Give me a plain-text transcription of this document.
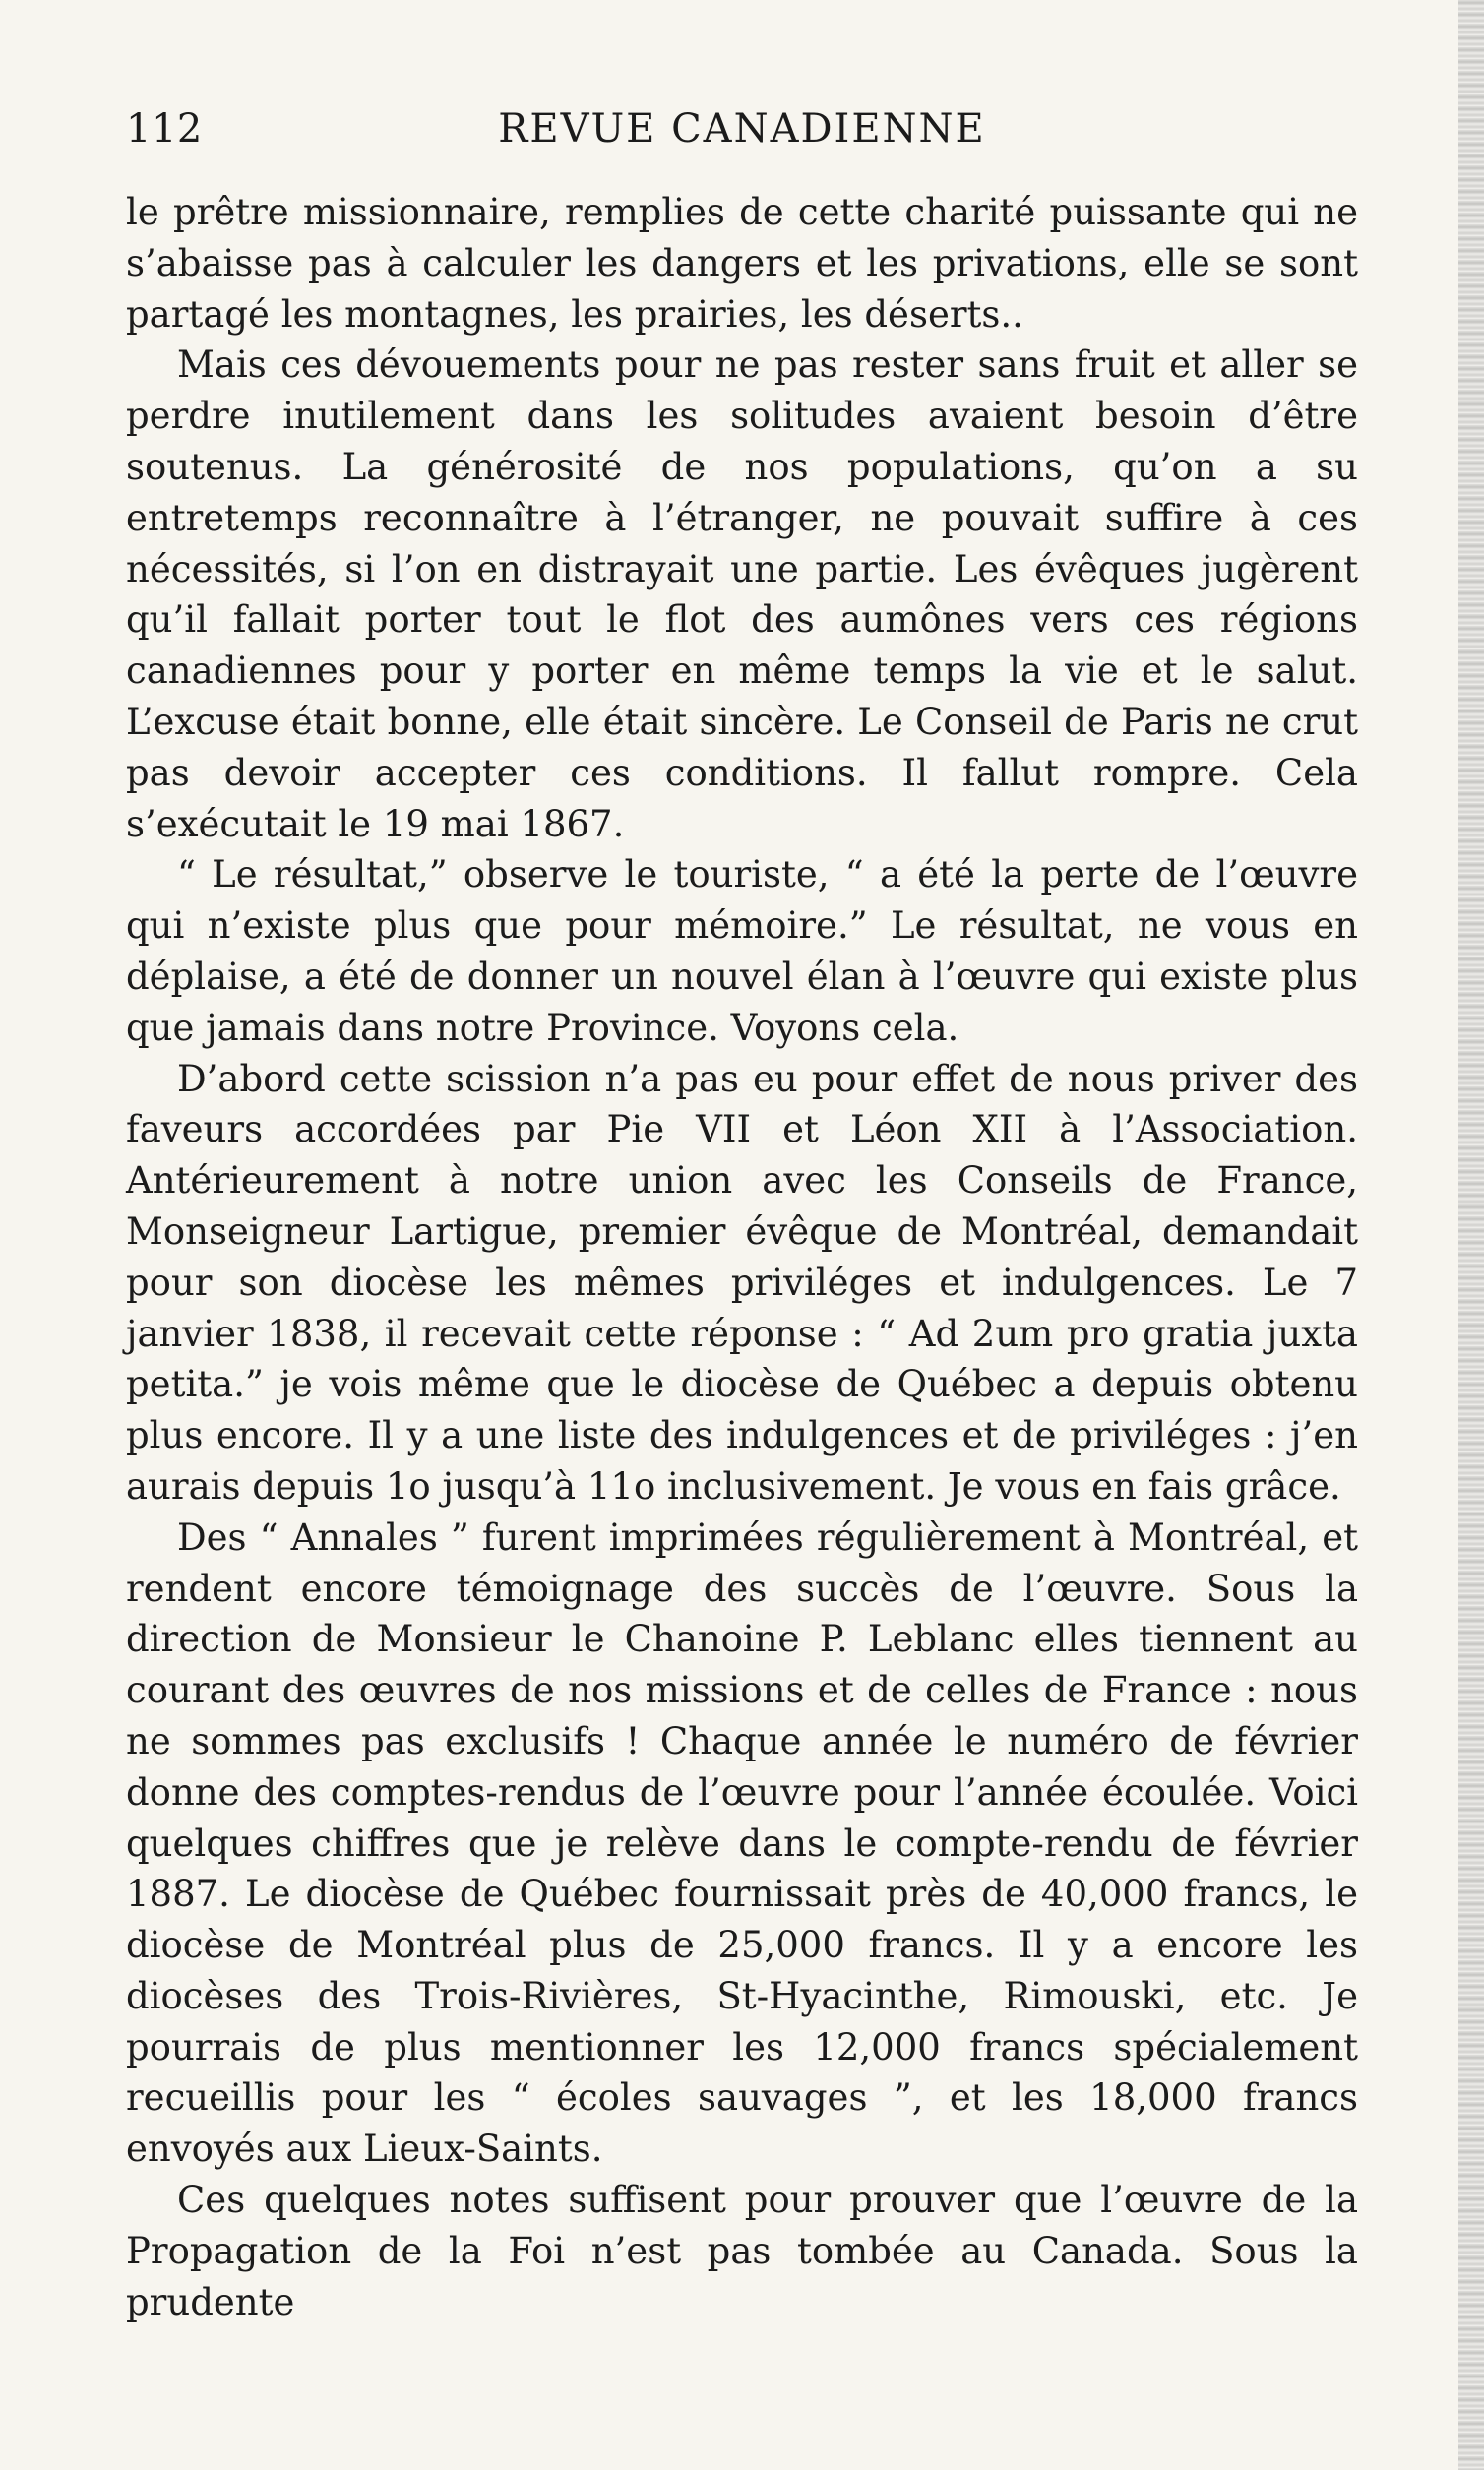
112	REVUE CANADIENNE

le prêtre missionnaire, remplies de cette charité puissante qui ne s’abaisse pas à calculer les dangers et les privations, elle se sont partagé les montagnes, les prairies, les déserts..

Mais ces dévouements pour ne pas rester sans fruit et aller se perdre inutilement dans les solitudes avaient besoin d’être soutenus. La générosité de nos populations, qu’on a su entretemps reconnaître à l’étranger, ne pouvait suffire à ces nécessités, si l’on en distrayait une partie. Les évêques jugèrent qu’il fallait porter tout le flot des aumônes vers ces régions canadiennes pour y porter en même temps la vie et le salut. L’excuse était bonne, elle était sincère. Le Conseil de Paris ne crut pas devoir accepter ces conditions. Il fallut rompre. Cela s’exécutait le 19 mai 1867.

“ Le résultat,” observe le touriste, “ a été la perte de l’œuvre qui n’existe plus que pour mémoire.” Le résultat, ne vous en déplaise, a été de donner un nouvel élan à l’œuvre qui existe plus que jamais dans notre Province. Voyons cela.

D’abord cette scission n’a pas eu pour effet de nous priver des faveurs accordées par Pie VII et Léon XII à l’Association. Antérieurement à notre union avec les Conseils de France, Monseigneur Lartigue, premier évêque de Montréal, demandait pour son diocèse les mêmes priviléges et indulgences. Le 7 janvier 1838, il recevait cette réponse : “ Ad 2um pro gratia juxta petita.” je vois même que le diocèse de Québec a depuis obtenu plus encore. Il y a une liste des indulgences et de priviléges : j’en aurais depuis 1o jusqu’à 11o inclusivement. Je vous en fais grâce.

Des “ Annales ” furent imprimées régulièrement à Montréal, et rendent encore témoignage des succès de l’œuvre. Sous la direction de Monsieur le Chanoine P. Leblanc elles tiennent au courant des œuvres de nos missions et de celles de France : nous ne sommes pas exclusifs ! Chaque année le numéro de février donne des comptes-rendus de l’œuvre pour l’année écoulée. Voici quelques chiffres que je relève dans le compte-rendu de février 1887. Le diocèse de Québec fournissait près de 40,000 francs, le diocèse de Montréal plus de 25,000 francs. Il y a encore les diocèses des Trois-Rivières, St-Hyacinthe, Rimouski, etc. Je pourrais de plus mentionner les 12,000 francs spécialement recueillis pour les “ écoles sauvages ”, et les 18,000 francs envoyés aux Lieux-Saints.

Ces quelques notes suffisent pour prouver que l’œuvre de la Propagation de la Foi n’est pas tombée au Canada. Sous la prudente
